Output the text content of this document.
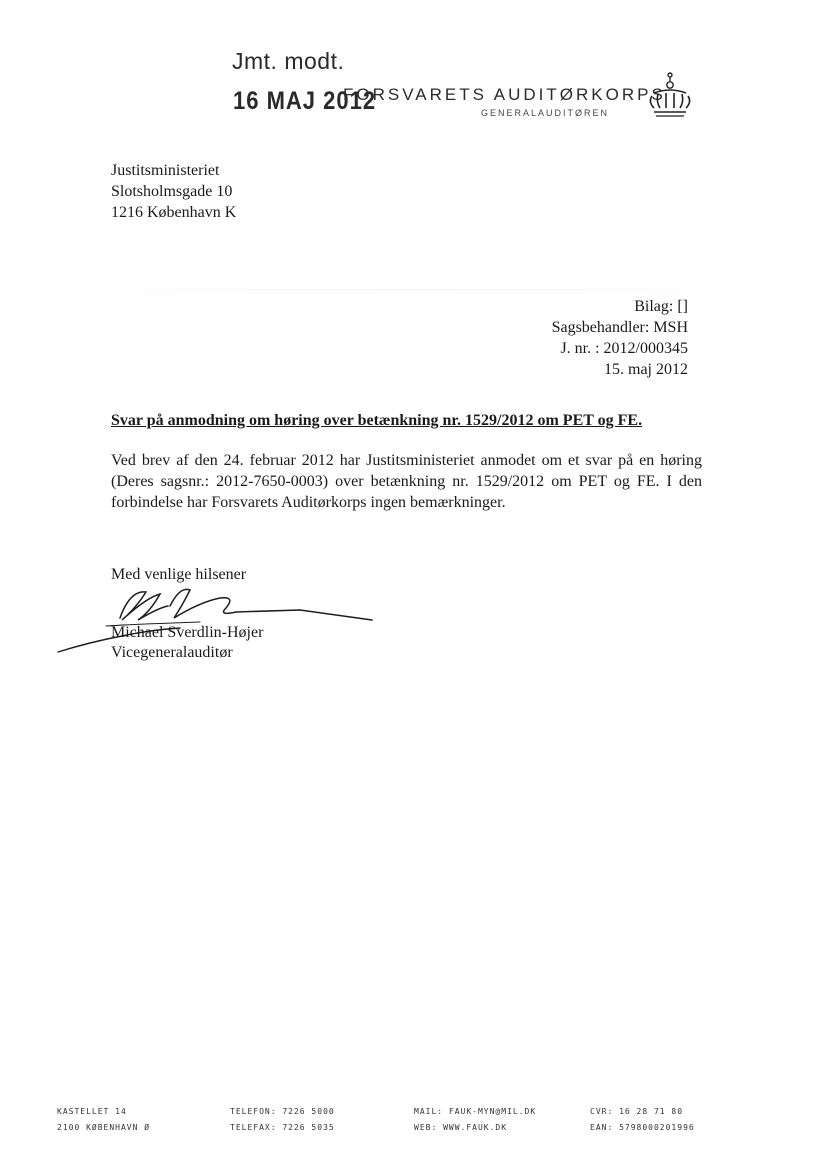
Jmt. modt.
16 MAJ 2012
FORSVARETS AUDITØRKORPS
GENERALAUDITØREN
Justitsministeriet
Slotsholmsgade 10
1216 København K
Bilag: []
Sagsbehandler: MSH
J. nr. : 2012/000345
15. maj 2012
Svar på anmodning om høring over betænkning nr. 1529/2012 om PET og FE.
Ved brev af den 24. februar 2012 har Justitsministeriet anmodet om et svar på en høring (Deres sagsnr.: 2012-7650-0003) over betænkning nr. 1529/2012 om PET og FE. I den forbindelse har Forsvarets Auditørkorps ingen bemærkninger.
Med venlige hilsener
Michael Sverdlin-Højer
Vicegeneralauditør
KASTELLET 14
2100 KØBENHAVN Ø
TELEFON: 7226 5000
TELEFAX: 7226 5035
MAIL: FAUK-MYN@MIL.DK
WEB: WWW.FAUK.DK
CVR: 16 28 71 80
EAN: 5798000201996
